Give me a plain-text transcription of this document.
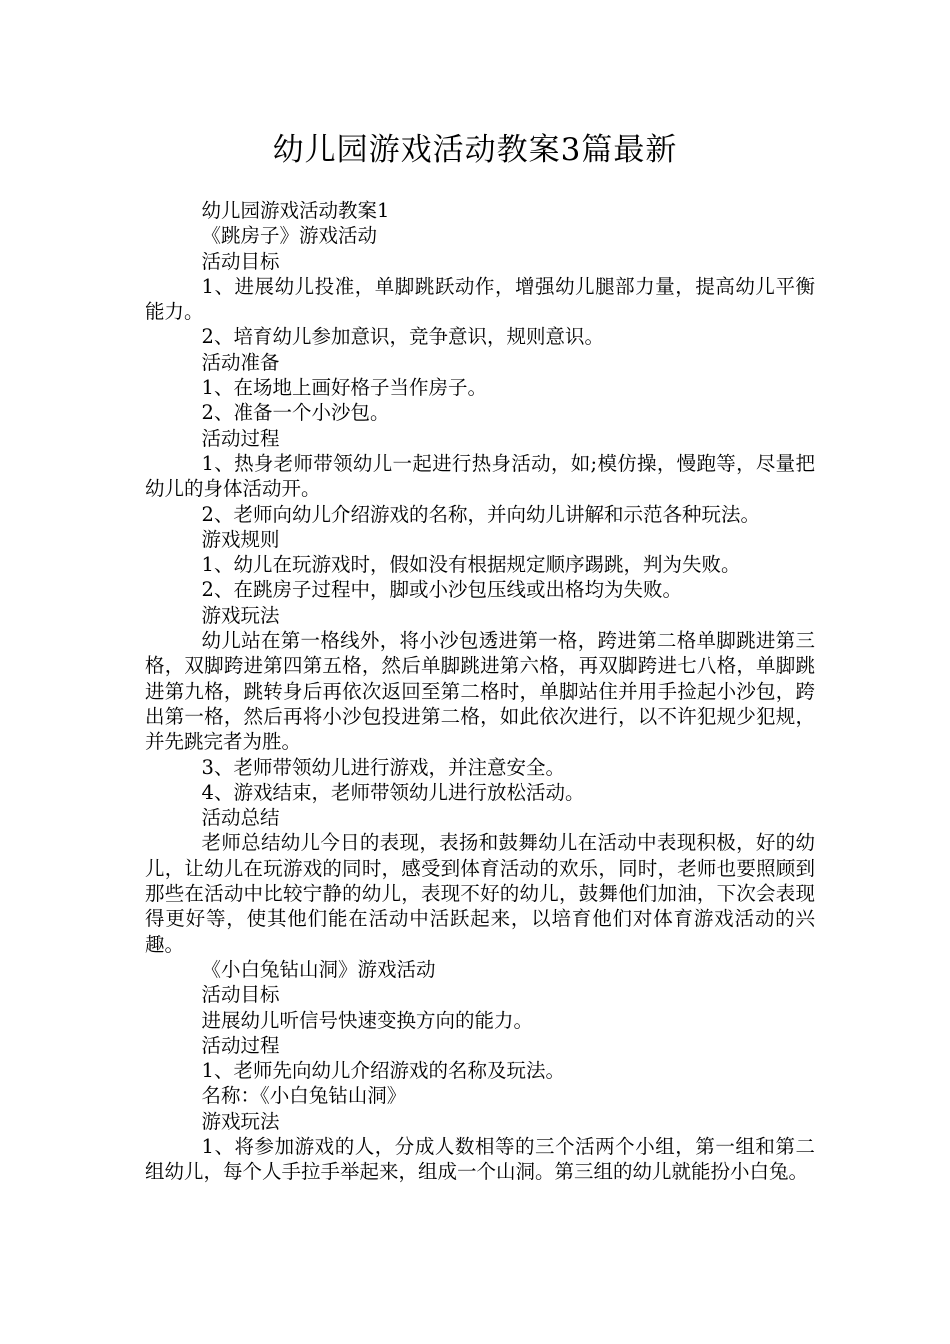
幼儿园游戏活动教案3篇最新

幼儿园游戏活动教案1

《跳房子》游戏活动

活动目标

1、进展幼儿投准，单脚跳跃动作，增强幼儿腿部力量，提高幼儿平衡能力。

2、培育幼儿参加意识，竞争意识，规则意识。

活动准备

1、在场地上画好格子当作房子。

2、准备一个小沙包。

活动过程

1、热身老师带领幼儿一起进行热身活动，如;模仿操，慢跑等，尽量把幼儿的身体活动开。

2、老师向幼儿介绍游戏的名称，并向幼儿讲解和示范各种玩法。

游戏规则

1、幼儿在玩游戏时，假如没有根据规定顺序踢跳，判为失败。

2、在跳房子过程中，脚或小沙包压线或出格均为失败。

游戏玩法

幼儿站在第一格线外，将小沙包透进第一格，跨进第二格单脚跳进第三格，双脚跨进第四第五格，然后单脚跳进第六格，再双脚跨进七八格，单脚跳进第九格，跳转身后再依次返回至第二格时，单脚站住并用手捡起小沙包，跨出第一格，然后再将小沙包投进第二格，如此依次进行，以不许犯规少犯规，并先跳完者为胜。

3、老师带领幼儿进行游戏，并注意安全。

4、游戏结束，老师带领幼儿进行放松活动。

活动总结

老师总结幼儿今日的表现，表扬和鼓舞幼儿在活动中表现积极，好的幼儿，让幼儿在玩游戏的同时，感受到体育活动的欢乐，同时，老师也要照顾到那些在活动中比较宁静的幼儿，表现不好的幼儿，鼓舞他们加油，下次会表现得更好等，使其他们能在活动中活跃起来，以培育他们对体育游戏活动的兴趣。

《小白兔钻山洞》游戏活动

活动目标

进展幼儿听信号快速变换方向的能力。

活动过程

1、老师先向幼儿介绍游戏的名称及玩法。

名称：《小白兔钻山洞》

游戏玩法

1、将参加游戏的人，分成人数相等的三个活两个小组，第一组和第二组幼儿，每个人手拉手举起来，组成一个山洞。第三组的幼儿就能扮小白兔。
